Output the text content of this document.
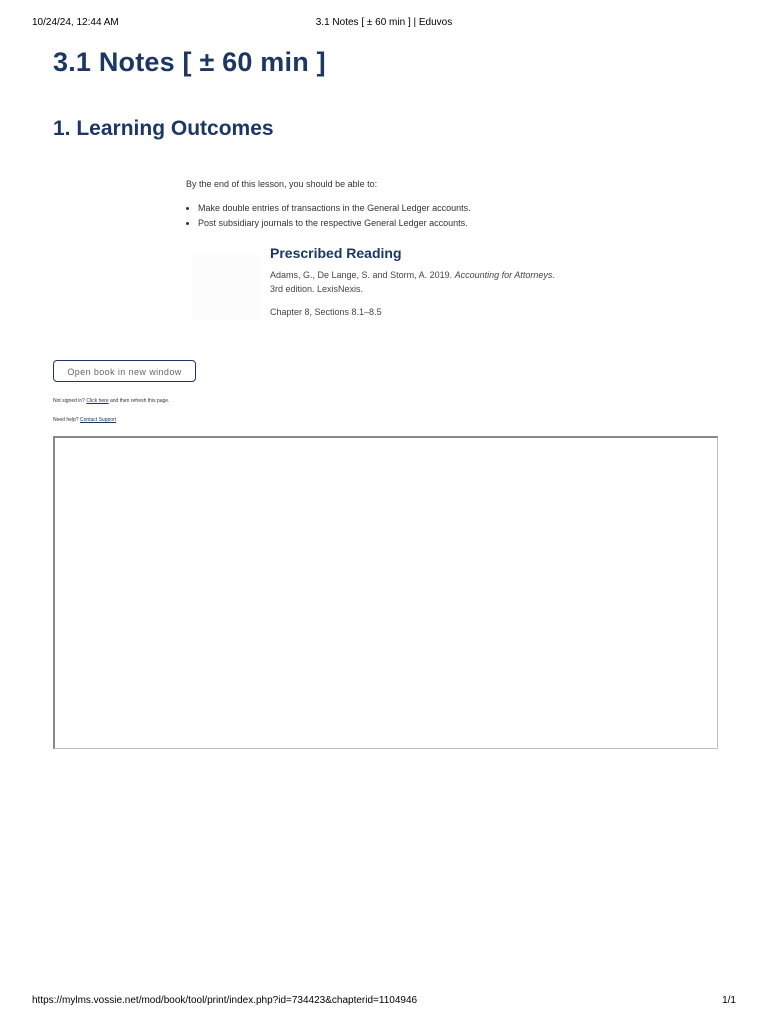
10/24/24, 12:44 AM	3.1 Notes [ ± 60 min ] | Eduvos
3.1 Notes [ ± 60 min ]
1. Learning Outcomes
By the end of this lesson, you should be able to:
• Make double entries of transactions in the General Ledger accounts.
• Post subsidiary journals to the respective General Ledger accounts.
Prescribed Reading
Adams, G., De Lange, S. and Storm, A. 2019. Accounting for Attorneys.
3rd edition. LexisNexis.
Chapter 8, Sections 8.1–8.5
Open book in new window
Not signed in? Click here and then refresh this page.
Need help? Contact Support
https://mylms.vossie.net/mod/book/tool/print/index.php?id=734423&chapterid=1104946	1/1
